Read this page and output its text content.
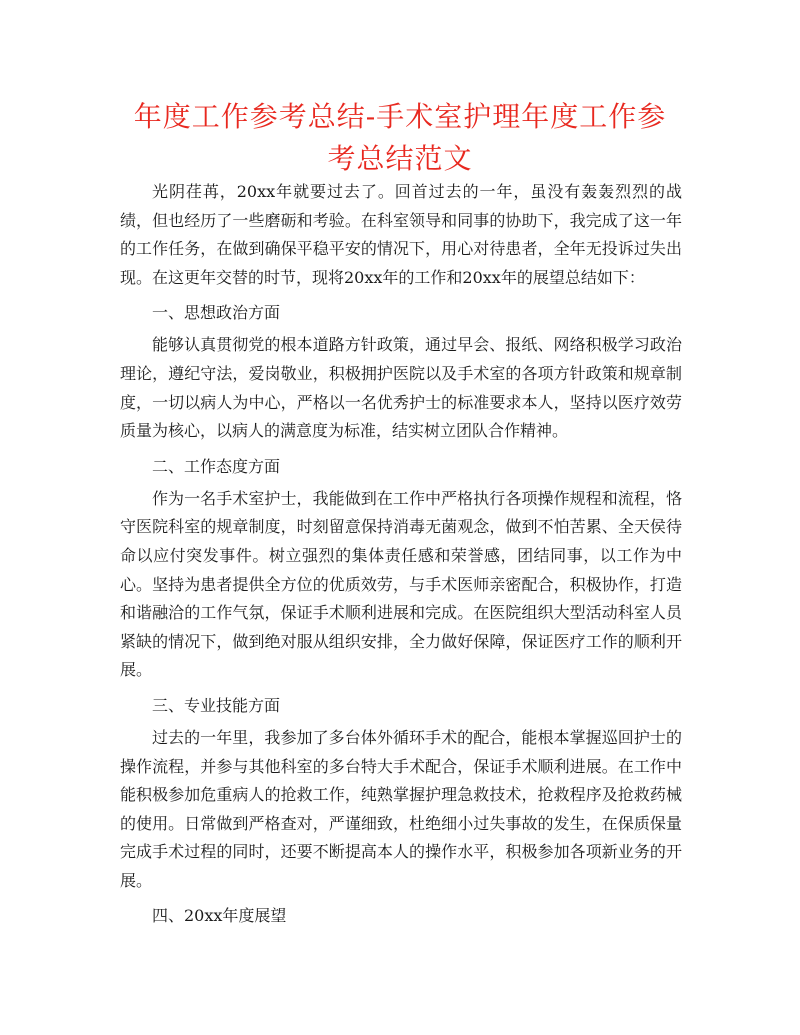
年度工作参考总结-手术室护理年度工作参考总结范文

光阴荏苒，20xx年就要过去了。回首过去的一年，虽没有轰轰烈烈的战绩，但也经历了一些磨砺和考验。在科室领导和同事的协助下，我完成了这一年的工作任务，在做到确保平稳平安的情况下，用心对待患者，全年无投诉过失出现。在这更年交替的时节，现将20xx年的工作和20xx年的展望总结如下：

一、思想政治方面

能够认真贯彻党的根本道路方针政策，通过早会、报纸、网络积极学习政治理论，遵纪守法，爱岗敬业，积极拥护医院以及手术室的各项方针政策和规章制度，一切以病人为中心，严格以一名优秀护士的标准要求本人，坚持以医疗效劳质量为核心，以病人的满意度为标准，结实树立团队合作精神。

二、工作态度方面

作为一名手术室护士，我能做到在工作中严格执行各项操作规程和流程，恪守医院科室的规章制度，时刻留意保持消毒无菌观念，做到不怕苦累、全天侯待命以应付突发事件。树立强烈的集体责任感和荣誉感，团结同事，以工作为中心。坚持为患者提供全方位的优质效劳，与手术医师亲密配合，积极协作，打造和谐融洽的工作气氛，保证手术顺利进展和完成。在医院组织大型活动科室人员紧缺的情况下，做到绝对服从组织安排，全力做好保障，保证医疗工作的顺利开展。

三、专业技能方面

过去的一年里，我参加了多台体外循环手术的配合，能根本掌握巡回护士的操作流程，并参与其他科室的多台特大手术配合，保证手术顺利进展。在工作中能积极参加危重病人的抢救工作，纯熟掌握护理急救技术，抢救程序及抢救药械的使用。日常做到严格查对，严谨细致，杜绝细小过失事故的发生，在保质保量完成手术过程的同时，还要不断提高本人的操作水平，积极参加各项新业务的开展。

四、20xx年度展望
